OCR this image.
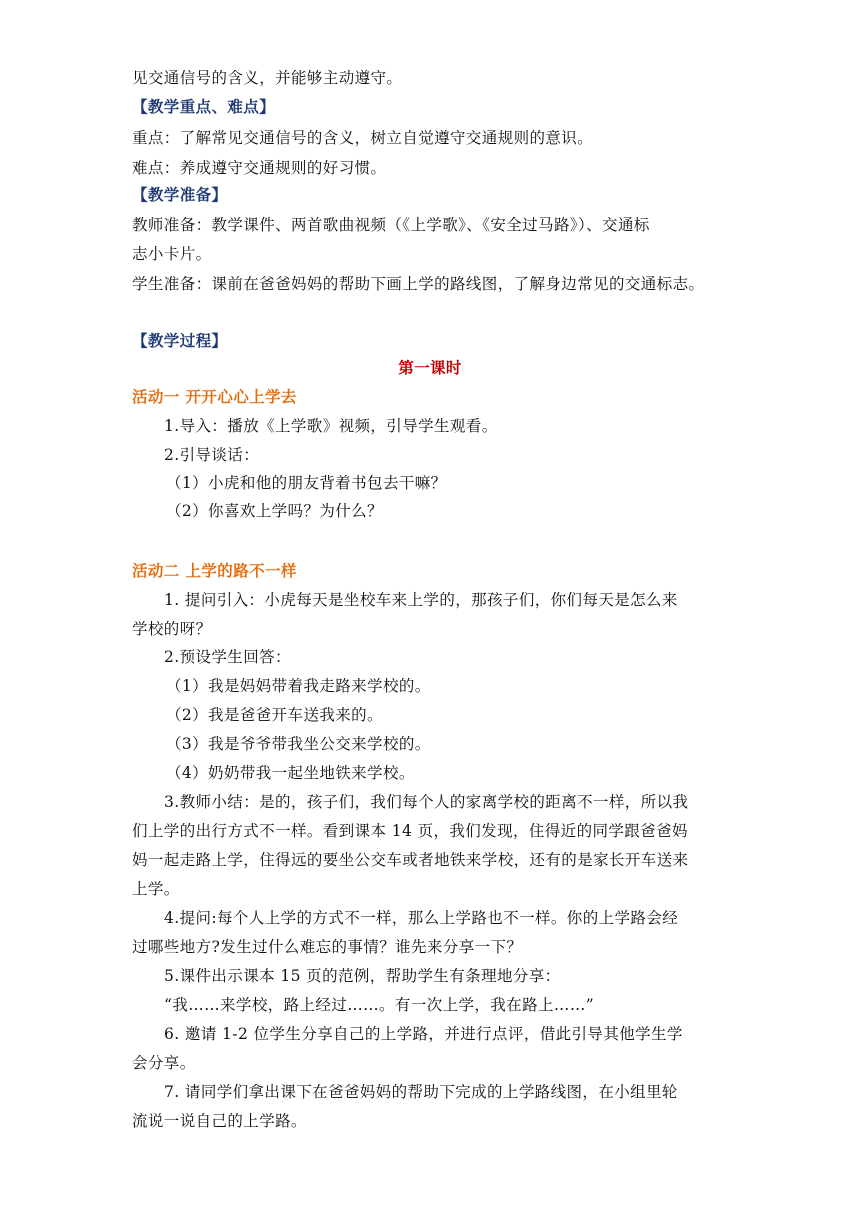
见交通信号的含义，并能够主动遵守。
【教学重点、难点】
重点：了解常见交通信号的含义，树立自觉遵守交通规则的意识。
难点：养成遵守交通规则的好习惯。
【教学准备】
教师准备：教学课件、两首歌曲视频（《上学歌》、《安全过马路》）、交通标
志小卡片。
学生准备：课前在爸爸妈妈的帮助下画上学的路线图，了解身边常见的交通标志。
【教学过程】
第一课时
活动一 开开心心上学去
1.导入：播放《上学歌》视频，引导学生观看。
2.引导谈话：
（1）小虎和他的朋友背着书包去干嘛？
（2）你喜欢上学吗？为什么？
活动二 上学的路不一样
1. 提问引入：小虎每天是坐校车来上学的，那孩子们，你们每天是怎么来
学校的呀？
2.预设学生回答：
（1）我是妈妈带着我走路来学校的。
（2）我是爸爸开车送我来的。
（3）我是爷爷带我坐公交来学校的。
（4）奶奶带我一起坐地铁来学校。
3.教师小结：是的，孩子们，我们每个人的家离学校的距离不一样，所以我
们上学的出行方式不一样。看到课本 14 页，我们发现，住得近的同学跟爸爸妈
妈一起走路上学，住得远的要坐公交车或者地铁来学校，还有的是家长开车送来
上学。
4.提问:每个人上学的方式不一样，那么上学路也不一样。你的上学路会经
过哪些地方?发生过什么难忘的事情？谁先来分享一下？
5.课件出示课本 15 页的范例，帮助学生有条理地分享：
“我……来学校，路上经过……。有一次上学，我在路上……”
6. 邀请 1-2 位学生分享自己的上学路，并进行点评，借此引导其他学生学
会分享。
7. 请同学们拿出课下在爸爸妈妈的帮助下完成的上学路线图，在小组里轮
流说一说自己的上学路。
